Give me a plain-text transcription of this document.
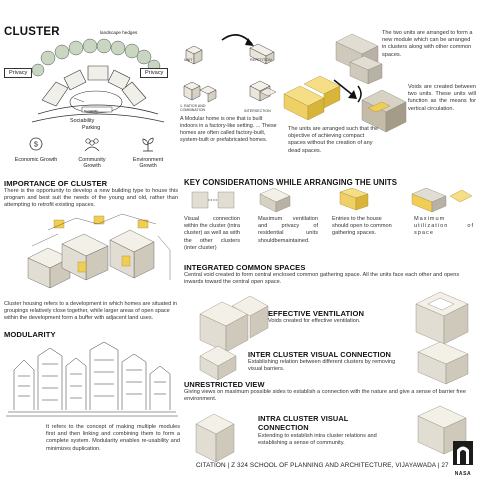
CLUSTER	landscape hedges
Sociability
Privacy	Privacy
Sociability
Parking
$
Economic Growth	Community Growth
Environment Growth
IMPORTANCE OF CLUSTER
There is the opportunity to develop a new building type to house this program and best suit the needs of the young and old, rather than attempting to retrofit existing spaces.
UNIT	REPETITION
1. RATIOS AND COMBINATION	INTERSECTION
A Modular home is one that is built indoors in a factory-like setting. ... These homes are often called factory-built, system-built or prefabricated homes.
The two units are arranged to form a new module which can be arranged in clusters along with other common spaces.
Voids are created between two units. These units will function as the means for vertical circulation.
The units are arranged such that the objective of achieving compact spaces without the creation of any dead spaces.
KEY CONSIDERATIONS WHILE ARRANGING THE UNITS
Visual connection within the cluster (intra cluster) as well as with the other clusters (inter cluster)
Maximum ventilation and privacy of residential units shouldbemaintained.
Entries to the house should open to common gathering spaces.
Maximum utilization of space
INTEGRATED COMMON SPACES
Central void created to form central enclosed common gathering space. All the units face each other and opens inwards toward the central open space.
Cluster housing refers to a development in which homes are situated in groupings relatively close together, while larger areas of open space within the development form a buffer with adjacent land uses.
MODULARITY
It refers to the concept of making multiple modules first and then linking and combining them to form a complete system. Modularity enables re-usability and minimizes duplication.
EFFECTIVE VENTILATION
Voids created for effective ventilation.
INTER CLUSTER VISUAL CONNECTION
Establishing relation between different clusters by removing visual barriers.
UNRESTRICTED VIEW
Giving views on maximum possible sides to establish a connection with the nature and give a sense of barrier free environment.
INTRA CLUSTER VISUAL CONNECTION
Extending to establish intra cluster relations and establishing a sense of community.
CITATION | Z 324 SCHOOL OF PLANNING AND ARCHITECTURE, VIJAYAWADA | 27
NASA
